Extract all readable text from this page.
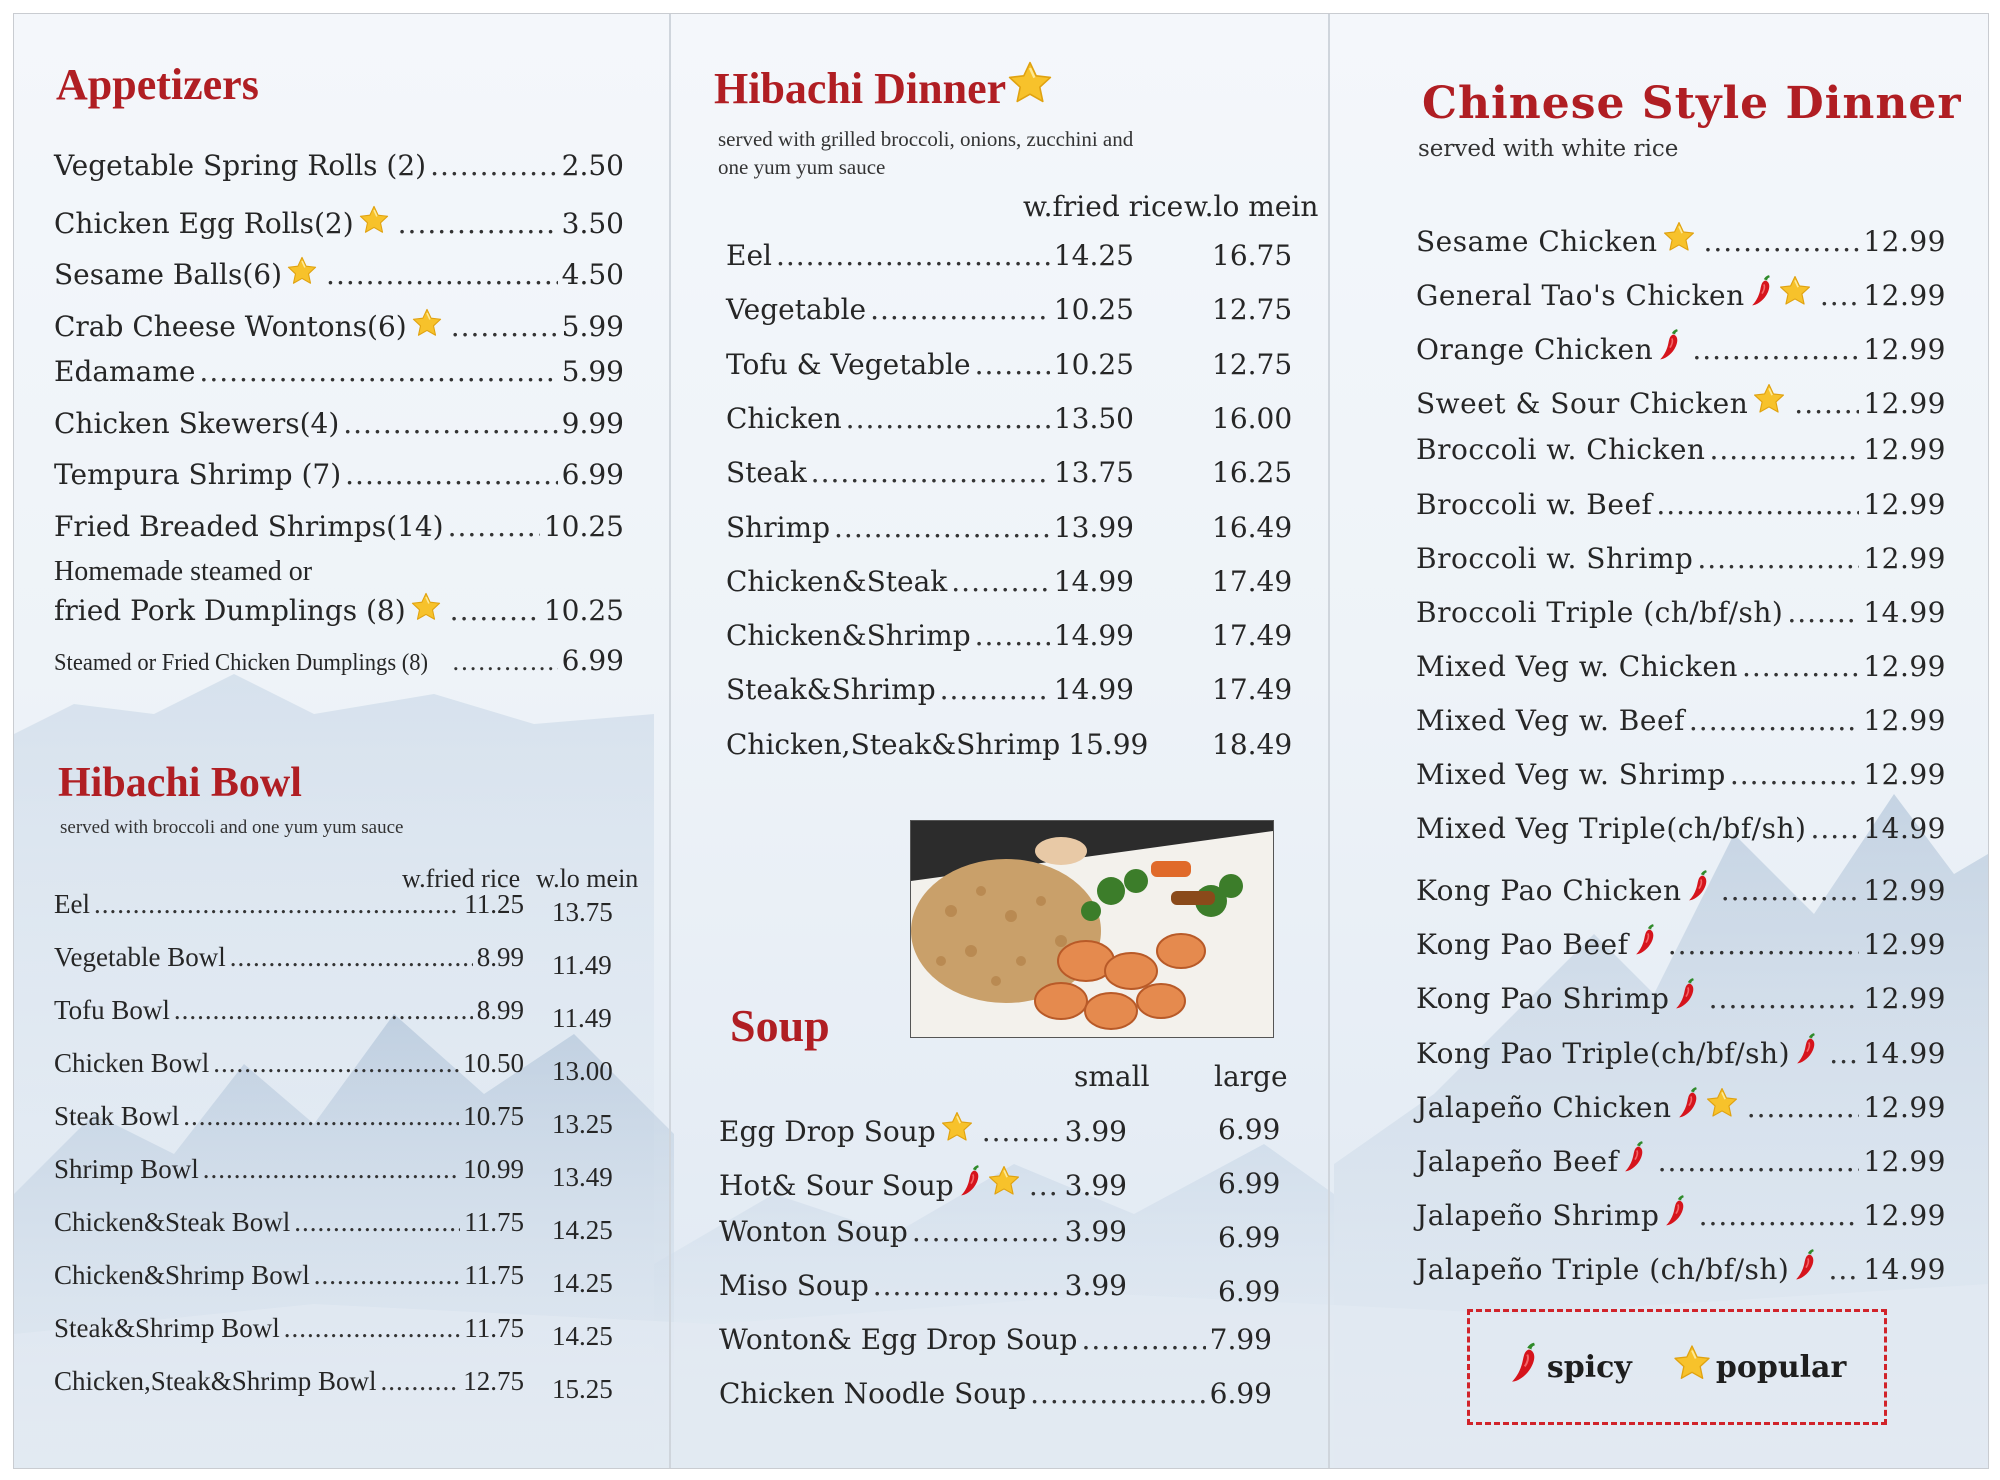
Appetizers
Vegetable Spring Rolls (2) .....	2.50
Chicken Egg Rolls(2) .....	3.50
Sesame Balls(6) .....	4.50
Crab Cheese Wontons(6) .....	5.99
Edamame .....	5.99
Chicken Skewers(4) .....	9.99
Tempura Shrimp (7) .....	6.99
Fried Breaded Shrimps(14) .....	10.25
Homemade steamed or
fried Pork Dumplings (8) .....	10.25
Steamed or Fried Chicken Dumplings (8) .....	6.99
Hibachi Bowl
served with broccoli and one yum yum sauce
w.fried rice w.lo mein
Eel .....	11.25 13.75
Vegetable Bowl .....	8.99 11.49
Tofu Bowl .....	8.99 11.49
Chicken Bowl .....	10.50 13.00
Steak Bowl .....	10.75 13.25
Shrimp Bowl .....	10.99 13.49
Chicken&Steak Bowl .....	11.75 14.25
Chicken&Shrimp Bowl .....	11.75 14.25
Steak&Shrimp Bowl .....	11.75 14.25
Chicken,Steak&Shrimp Bowl .....	12.75 15.25
Hibachi Dinner
served with grilled broccoli, onions, zucchini and
one yum yum sauce
w.fried rice w.lo mein
Eel .....	14.25	16.75
Vegetable .....	10.25	12.75
Tofu & Vegetable .....	10.25	12.75
Chicken .....	13.50	16.00
Steak .....	13.75	16.25
Shrimp .....	13.99	16.49
Chicken&Steak .....	14.99	17.49
Chicken&Shrimp .....	14.99	17.49
Steak&Shrimp .....	14.99	17.49
Chicken,Steak&Shrimp 15.99 18.49
Soup
small large
Egg Drop Soup .....	3.99	6.99
Hot& Sour Soup .....	3.99	6.99
Wonton Soup .....	3.99	6.99
Miso Soup .....	3.99	6.99
Wonton& Egg Drop Soup .....	7.99
Chicken Noodle Soup .....	6.99
Chinese Style Dinner
served with white rice
Sesame Chicken .....	12.99
General Tao's Chicken .....	12.99
Orange Chicken .....	12.99
Sweet & Sour Chicken .....	12.99
Broccoli w. Chicken .....	12.99
Broccoli w. Beef .....	12.99
Broccoli w. Shrimp .....	12.99
Broccoli Triple (ch/bf/sh) .....	14.99
Mixed Veg w. Chicken .....	12.99
Mixed Veg w. Beef .....	12.99
Mixed Veg w. Shrimp .....	12.99
Mixed Veg Triple(ch/bf/sh) ..... 14.99
Kong Pao Chicken .....	12.99
Kong Pao Beef .....	12.99
Kong Pao Shrimp .....	12.99
Kong Pao Triple(ch/bf/sh) .....	14.99
Jalapeño Chicken .....	12.99
Jalapeño Beef .....	12.99
Jalapeño Shrimp .....	12.99
Jalapeño Triple (ch/bf/sh) .....	14.99
spicy	popular
